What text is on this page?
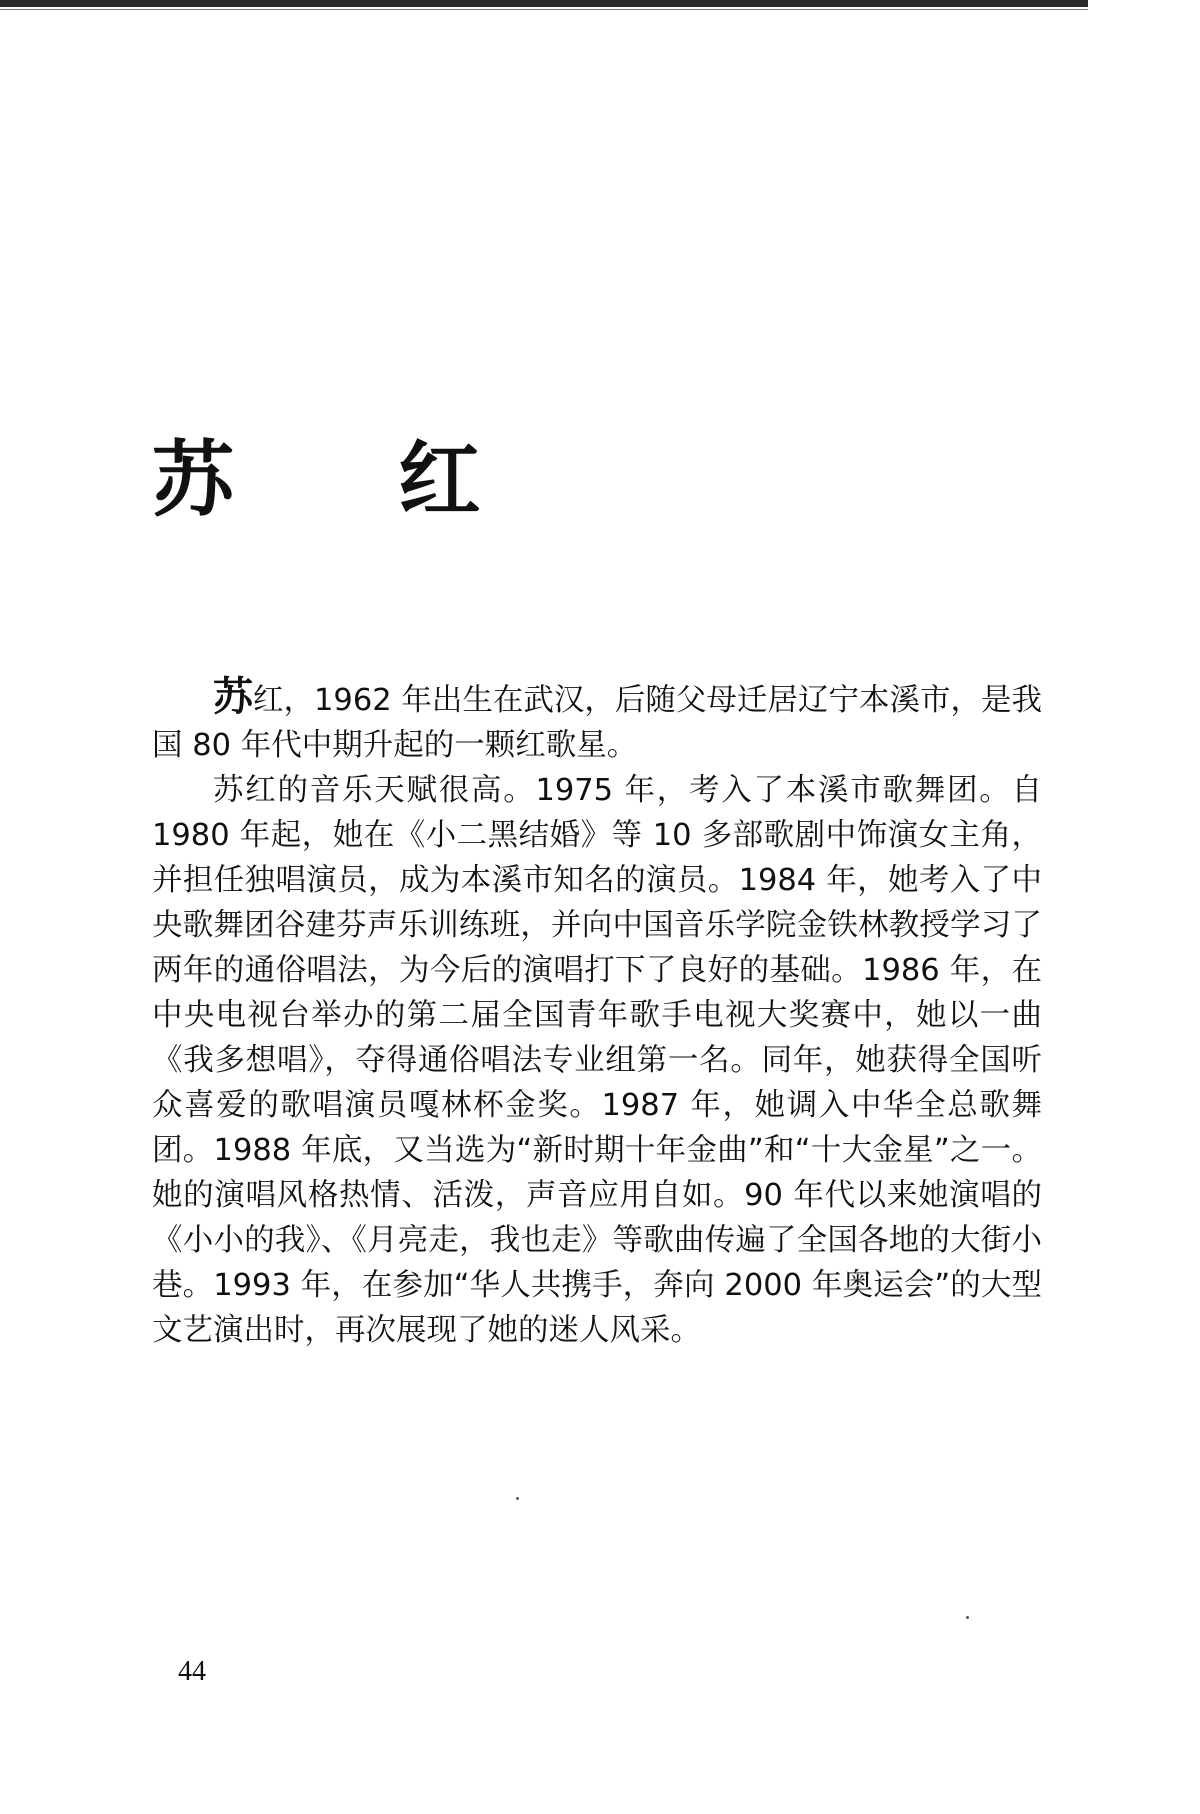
苏 红

苏红，1962 年出生在武汉，后随父母迁居辽宁本溪市，是我国 80 年代中期升起的一颗红歌星。

苏红的音乐天赋很高。1975 年，考入了本溪市歌舞团。自 1980 年起，她在《小二黑结婚》等 10 多部歌剧中饰演女主角，并担任独唱演员，成为本溪市知名的演员。1984 年，她考入了中央歌舞团谷建芬声乐训练班，并向中国音乐学院金铁林教授学习了两年的通俗唱法，为今后的演唱打下了良好的基础。1986 年，在中央电视台举办的第二届全国青年歌手电视大奖赛中，她以一曲《我多想唱》，夺得通俗唱法专业组第一名。同年，她获得全国听众喜爱的歌唱演员嘎林杯金奖。1987 年，她调入中华全总歌舞团。1988 年底，又当选为“新时期十年金曲”和“十大金星”之一。她的演唱风格热情、活泼，声音应用自如。90 年代以来她演唱的《小小的我》、《月亮走，我也走》等歌曲传遍了全国各地的大街小巷。1993 年，在参加“华人共携手，奔向 2000 年奥运会”的大型文艺演出时，再次展现了她的迷人风采。

44
